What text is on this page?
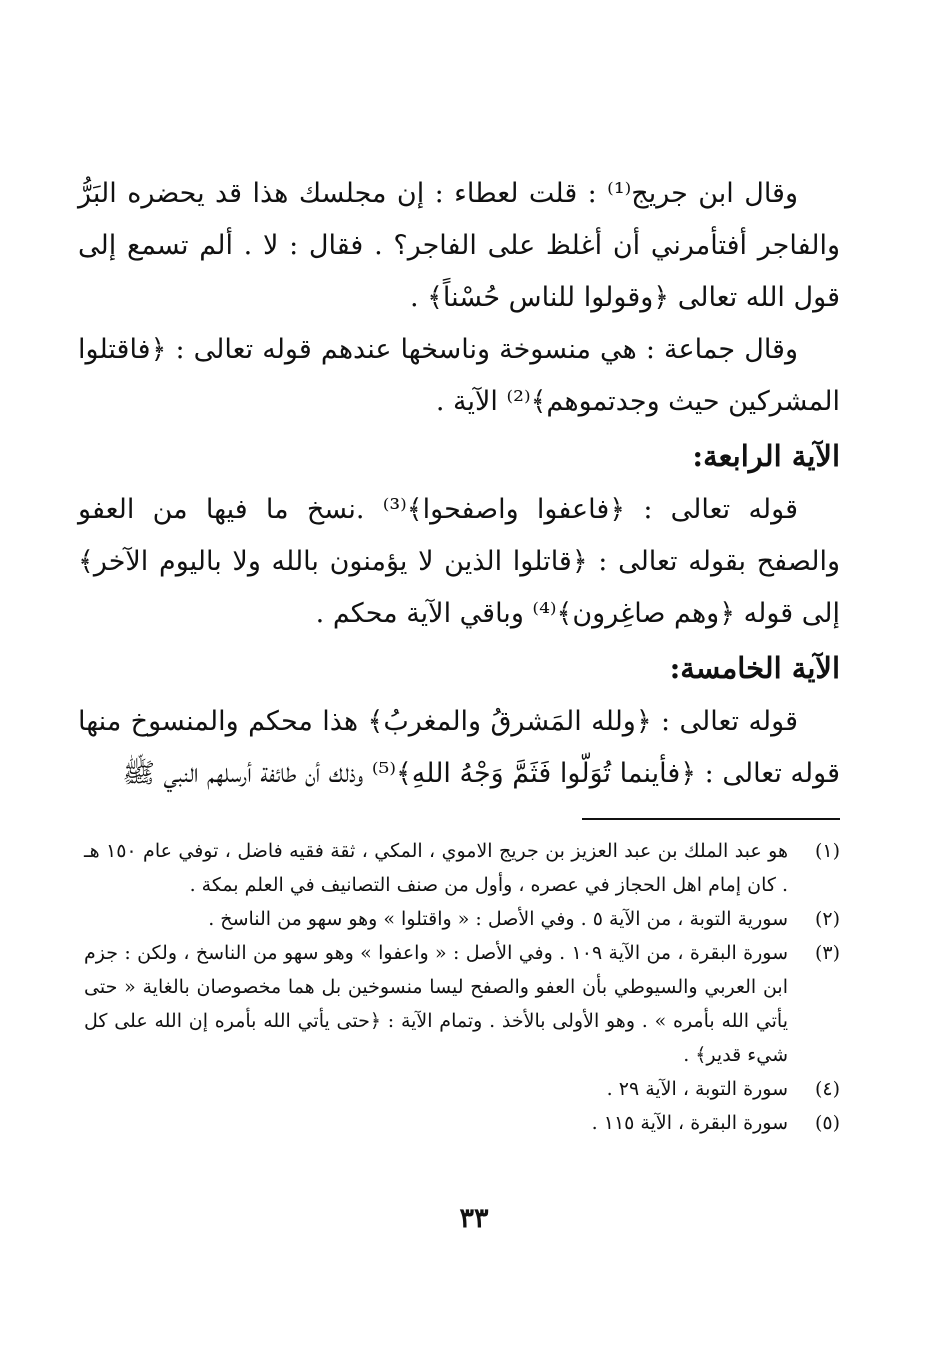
وقال ابن جريج⁽¹⁾ : قلت لعطاء : إن مجلسك هذا قد يحضره البَرُّ والفاجر أفتأمرني أن أغلظ على الفاجر؟ . فقال : لا . ألم تسمع إلى قول الله تعالى ﴿وقولوا للناس حُسْناً﴾ .

وقال جماعة : هي منسوخة وناسخها عندهم قوله تعالى : ﴿فاقتلوا المشركين حيث وجدتموهم﴾⁽²⁾ الآية .

الآية الرابعة:

قوله تعالى : ﴿فاعفوا واصفحوا﴾⁽³⁾ .نسخ ما فيها من العفو والصفح بقوله تعالى : ﴿قاتلوا الذين لا يؤمنون بالله ولا باليوم الآخر﴾ إلى قوله ﴿وهم صاغِرون﴾⁽⁴⁾ وباقي الآية محكم .

الآية الخامسة:

قوله تعالى : ﴿ولله المَشرقُ والمغربُ﴾ هذا محكم والمنسوخ منها قوله تعالى : ﴿فأينما تُوَلّوا فَثَمَّ وَجْهُ اللهِ﴾⁽⁵⁾ وذلك أن طائفة أرسلهم النبي ﷺ

(١)
هو عبد الملك بن عبد العزيز بن جريج الاموي ، المكي ، ثقة فقيه فاضل ، توفي عام ١٥٠ هـ . كان إمام اهل الحجاز في عصره ، وأول من صنف التصانيف في العلم بمكة .
(٢)
سورية التوبة ، من الآية ٥ . وفي الأصل : « واقتلوا » وهو سهو من الناسخ .
(٣)
سورة البقرة ، من الآية ١٠٩ . وفي الأصل : « واعفوا » وهو سهو من الناسخ ، ولكن : جزم ابن العربي والسيوطي بأن العفو والصفح ليسا منسوخين بل هما مخصوصان بالغاية « حتى يأتي الله بأمره » . وهو الأولى بالأخذ . وتمام الآية : ﴿حتى يأتي الله بأمره إن الله على كل شيء قدير﴾ .
(٤)
سورة التوبة ، الآية ٢٩ .
(٥)
سورة البقرة ، الآية ١١٥ .
٣٣
